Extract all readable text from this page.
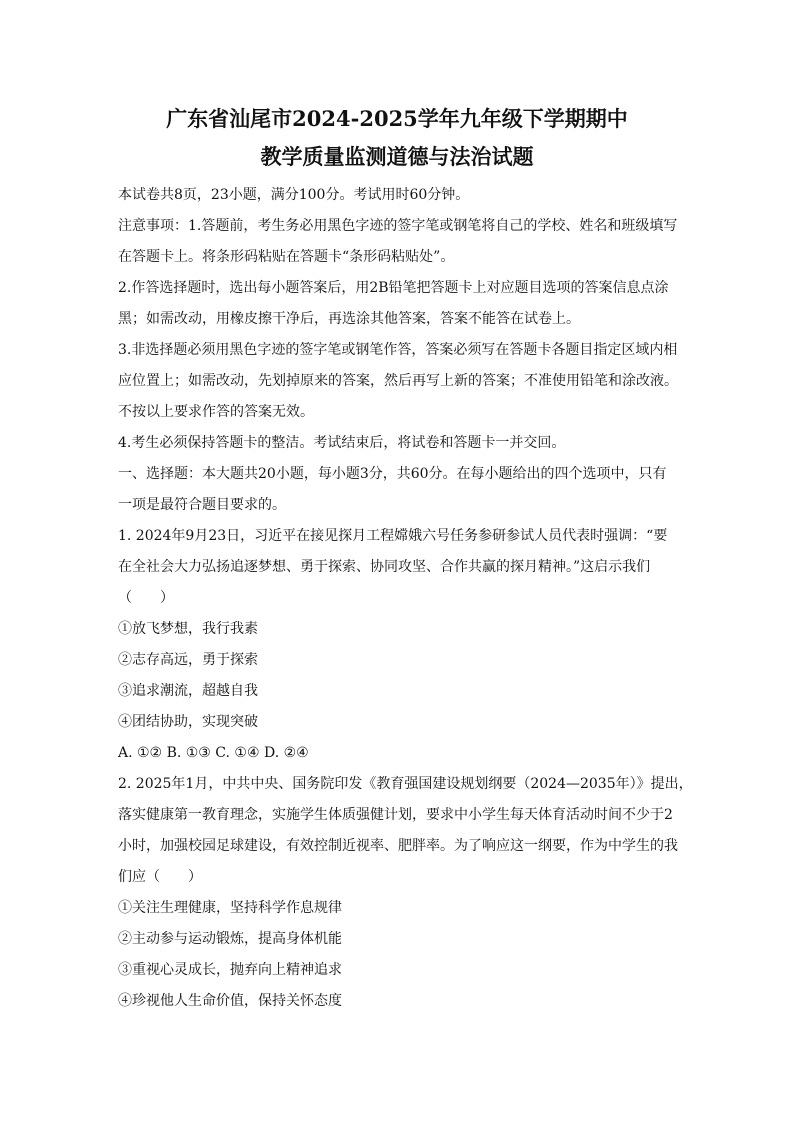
广东省汕尾市2024-2025学年九年级下学期期中

教学质量监测道德与法治试题

本试卷共8页，23小题，满分100分。考试用时60分钟。

注意事项：1.答题前，考生务必用黑色字迹的签字笔或钢笔将自己的学校、姓名和班级填写

在答题卡上。将条形码粘贴在答题卡“条形码粘贴处”。

2.作答选择题时，选出每小题答案后，用2B铅笔把答题卡上对应题目选项的答案信息点涂

黑；如需改动，用橡皮擦干净后，再选涂其他答案，答案不能答在试卷上。

3.非选择题必须用黑色字迹的签字笔或钢笔作答，答案必须写在答题卡各题目指定区域内相

应位置上；如需改动，先划掉原来的答案，然后再写上新的答案；不准使用铅笔和涂改液。

不按以上要求作答的答案无效。

4.考生必须保持答题卡的整洁。考试结束后，将试卷和答题卡一并交回。

一、选择题：本大题共20小题，每小题3分，共60分。在每小题给出的四个选项中，只有

一项是最符合题目要求的。

1. 2024年9月23日，习近平在接见探月工程嫦娥六号任务参研参试人员代表时强调：“要

在全社会大力弘扬追逐梦想、勇于探索、协同攻坚、合作共赢的探月精神。”这启示我们

（　　）

①放飞梦想，我行我素

②志存高远，勇于探索

③追求潮流，超越自我

④团结协助，实现突破

A. ①② B. ①③ C. ①④ D. ②④

2. 2025年1月，中共中央、国务院印发《教育强国建设规划纲要（2024—2035年）》提出，

落实健康第一教育理念，实施学生体质强健计划，要求中小学生每天体育活动时间不少于2

小时，加强校园足球建设，有效控制近视率、肥胖率。为了响应这一纲要，作为中学生的我

们应（　　）

①关注生理健康，坚持科学作息规律

②主动参与运动锻炼，提高身体机能

③重视心灵成长，抛弃向上精神追求

④珍视他人生命价值，保持关怀态度
